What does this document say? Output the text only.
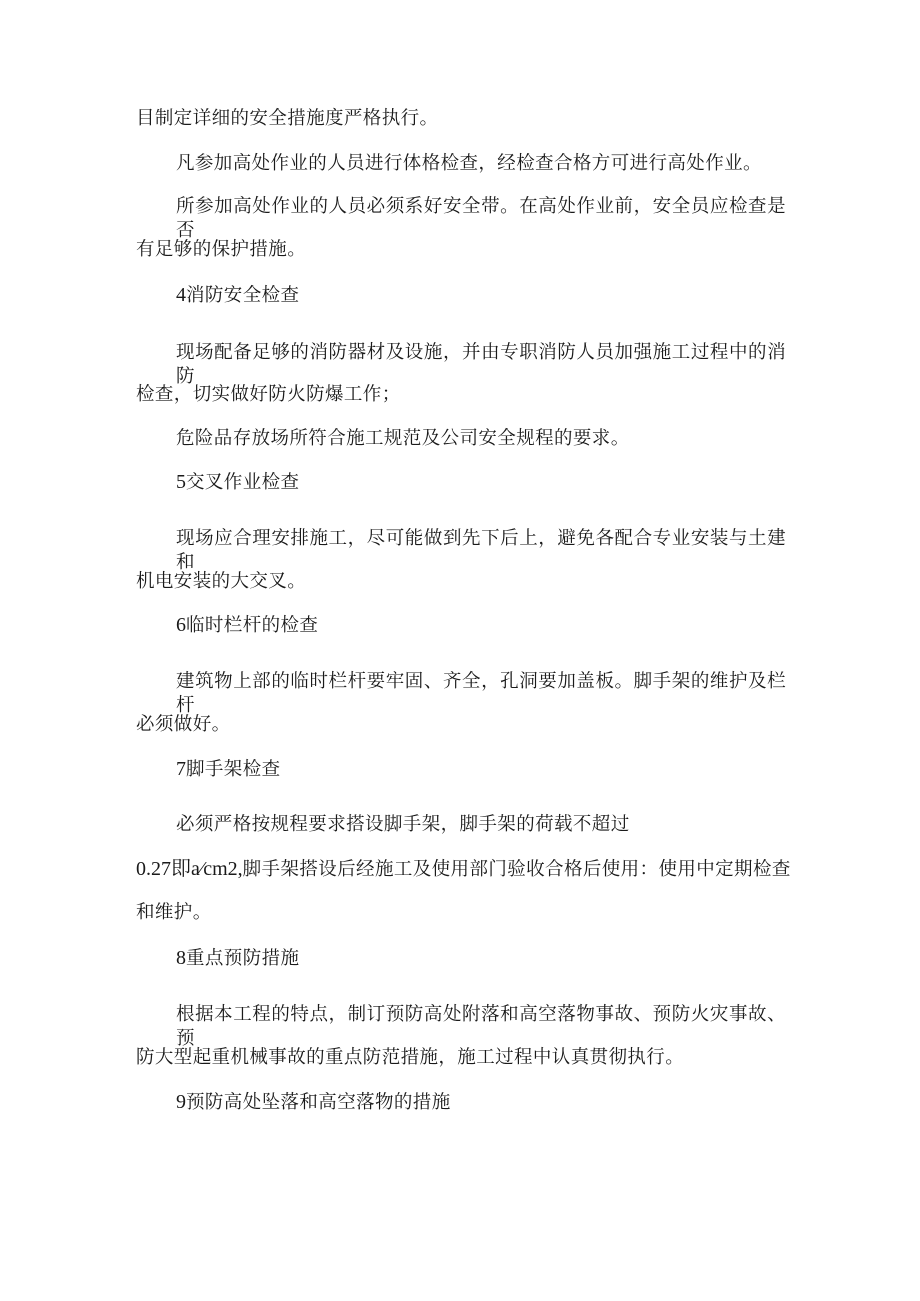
目制定详细的安全措施度严格执行。
凡参加高处作业的人员进行体格检查，经检查合格方可进行高处作业。
所参加高处作业的人员必须系好安全带。在高处作业前，安全员应检查是否
有足够的保护措施。
4消防安全检查
现场配备足够的消防器材及设施，并由专职消防人员加强施工过程中的消防
检查，切实做好防火防爆工作；
危险品存放场所符合施工规范及公司安全规程的要求。
5交叉作业检查
现场应合理安排施工，尽可能做到先下后上，避免各配合专业安装与土建和
机电安装的大交叉。
6临时栏杆的检查
建筑物上部的临时栏杆要牢固、齐全，孔洞要加盖板。脚手架的维护及栏杆
必须做好。
7脚手架检查
必须严格按规程要求搭设脚手架，脚手架的荷载不超过
0.27即a⁄cm2,脚手架搭设后经施工及使用部门验收合格后使用：使用中定期检查
和维护。
8重点预防措施
根据本工程的特点，制订预防高处附落和高空落物事故、预防火灾事故、预
防大型起重机械事故的重点防范措施，施工过程中认真贯彻执行。
9预防高处坠落和高空落物的措施
